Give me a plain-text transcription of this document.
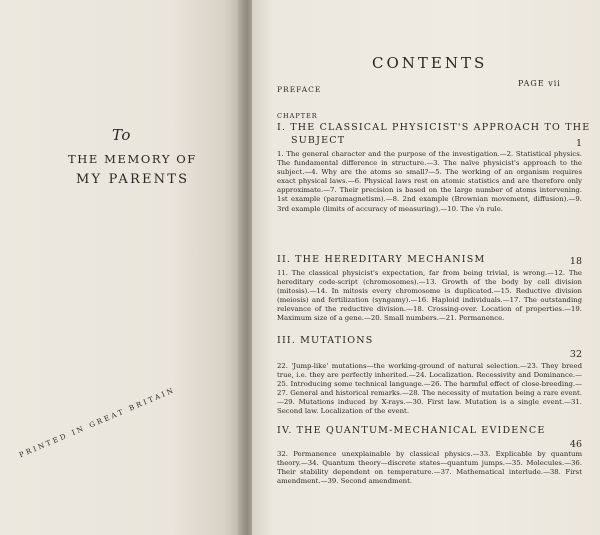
To
THE MEMORY OF
MY PARENTS
PRINTED IN GREAT BRITAIN
CONTENTS
PREFACE
PAGE vii
CHAPTER
I. THE CLASSICAL PHYSICIST'S APPROACH TO THE
SUBJECT	1
1. The general character and the purpose of the investigation.—2. Statistical physics. The fundamental difference in structure.—3. The naïve physicist's approach to the subject.—4. Why are the atoms so small?—5. The working of an organism requires exact physical laws.—6. Physical laws rest on atomic statistics and are therefore only approximate.—7. Their precision is based on the large number of atoms intervening. 1st example (paramagnetism).—8. 2nd example (Brownian movement, diffusion).—9. 3rd example (limits of accuracy of measuring).—10. The √n rule.
II. THE HEREDITARY MECHANISM	18
11. The classical physicist's expectation, far from being trivial, is wrong.—12. The hereditary code-script (chromosomes).—13. Growth of the body by cell division (mitosis).—14. In mitosis every chromosome is duplicated.—15. Reductive division (meiosis) and fertilization (syngamy).—16. Haploid individuals.—17. The outstanding relevance of the reductive division.—18. Crossing-over. Location of properties.—19. Maximum size of a gene.—20. Small numbers.—21. Permanence.
III. MUTATIONS
32
22. 'Jump-like' mutations—the working-ground of natural selection.—23. They breed true, i.e. they are perfectly inherited.—24. Localization. Recessivity and Dominance.—25. Introducing some technical language.—26. The harmful effect of close-breeding.—27. General and historical remarks.—28. The necessity of mutation being a rare event.—29. Mutations induced by X-rays.—30. First law. Mutation is a single event.—31. Second law. Localization of the event.
IV. THE QUANTUM-MECHANICAL EVIDENCE
46
32. Permanence unexplainable by classical physics.—33. Explicable by quantum theory.—34. Quantum theory—discrete states—quantum jumps.—35. Molecules.—36. Their stability dependent on temperature.—37. Mathematical interlude.—38. First amendment.—39. Second amendment.
